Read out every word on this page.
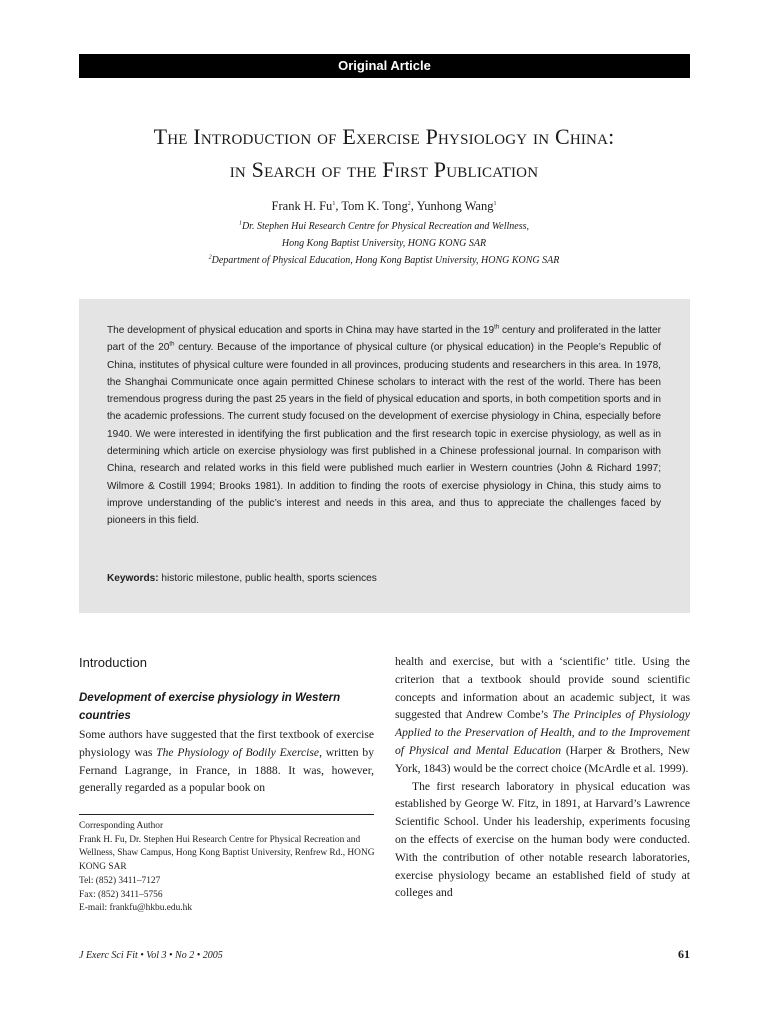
Original Article
The Introduction of Exercise Physiology in China:
in Search of the First Publication
Frank H. Fu$^1$, Tom K. Tong$^2$, Yunhong Wang$^1$
$^1$Dr. Stephen Hui Research Centre for Physical Recreation and Wellness,
Hong Kong Baptist University, HONG KONG SAR
$^2$Department of Physical Education, Hong Kong Baptist University, HONG KONG SAR
The development of physical education and sports in China may have started in the 19th century and proliferated in the latter part of the 20th century. Because of the importance of physical culture (or physical education) in the People’s Republic of China, institutes of physical culture were founded in all provinces, producing students and researchers in this area. In 1978, the Shanghai Communicate once again permitted Chinese scholars to interact with the rest of the world. There has been tremendous progress during the past 25 years in the field of physical education and sports, in both competition sports and in the academic professions. The current study focused on the development of exercise physiology in China, especially before 1940. We were interested in identifying the first publication and the first research topic in exercise physiology, as well as in determining which article on exercise physiology was first published in a Chinese professional journal. In comparison with China, research and related works in this field were published much earlier in Western countries (John & Richard 1997; Wilmore & Costill 1994; Brooks 1981). In addition to finding the roots of exercise physiology in China, this study aims to improve understanding of the public’s interest and needs in this area, and thus to appreciate the challenges faced by pioneers in this field.
Keywords: historic milestone, public health, sports sciences
Introduction
Development of exercise physiology in Western countries

Some authors have suggested that the first textbook of exercise physiology was The Physiology of Bodily Exercise, written by Fernand Lagrange, in France, in 1888. It was, however, generally regarded as a popular book on

Corresponding Author
Frank H. Fu, Dr. Stephen Hui Research Centre for Physical Recreation and Wellness, Shaw Campus, Hong Kong Baptist University, Renfrew Rd., HONG KONG SAR
Tel: (852) 3411–7127
Fax: (852) 3411–5756
E-mail: frankfu@hkbu.edu.hk

health and exercise, but with a ‘scientific’ title. Using the criterion that a textbook should provide sound scientific concepts and information about an academic subject, it was suggested that Andrew Combe’s The Principles of Physiology Applied to the Preservation of Health, and to the Improvement of Physical and Mental Education (Harper & Brothers, New York, 1843) would be the correct choice (McArdle et al. 1999).

The first research laboratory in physical education was established by George W. Fitz, in 1891, at Harvard’s Lawrence Scientific School. Under his leadership, experiments focusing on the effects of exercise on the human body were conducted. With the contribution of other notable research laboratories, exercise physiology became an established field of study at colleges and

J Exerc Sci Fit • Vol 3 • No 2 • 2005	61
